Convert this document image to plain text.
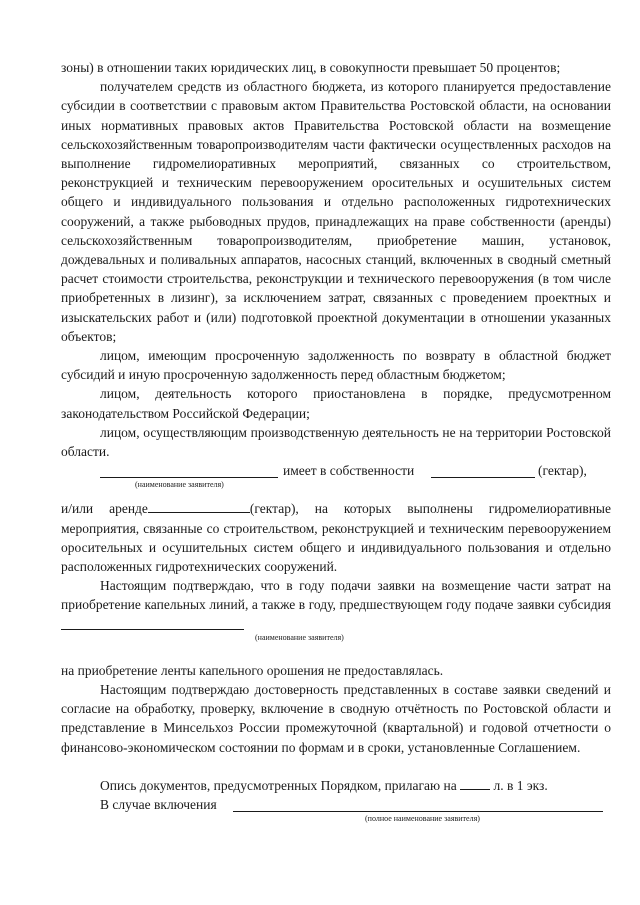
зоны) в отношении таких юридических лиц, в совокупности превышает 50 процентов;

получателем средств из областного бюджета, из которого планируется предоставление субсидии в соответствии с правовым актом Правительства Ростовской области, на основании иных нормативных правовых актов Правительства Ростовской области на возмещение сельскохозяйственным товаропроизводителям части фактически осуществленных расходов на выполнение гидромелиоративных мероприятий, связанных со строительством, реконструкцией и техническим перевооружением оросительных и осушительных систем общего и индивидуального пользования и отдельно расположенных гидротехнических сооружений, а также рыбоводных прудов, принадлежащих на праве собственности (аренды) сельскохозяйственным товаропроизводителям, приобретение машин, установок, дождевальных и поливальных аппаратов, насосных станций, включенных в сводный сметный расчет стоимости строительства, реконструкции и технического перевооружения (в том числе приобретенных в лизинг), за исключением затрат, связанных с проведением проектных и изыскательских работ и (или) подготовкой проектной документации в отношении указанных объектов;

лицом, имеющим просроченную задолженность по возврату в областной бюджет субсидий и иную просроченную задолженность перед областным бюджетом;

лицом, деятельность которого приостановлена в порядке, предусмотренном законодательством Российской Федерации;

лицом, осуществляющим производственную деятельность не на территории Ростовской области.

имеет в собственности	(гектар),
(наименование заявителя)

и/или аренде	(гектар), на которых выполнены гидромелиоративные мероприятия, связанные со строительством, реконструкцией и техническим перевооружением оросительных и осушительных систем общего и индивидуального пользования и отдельно расположенных гидротехнических сооружений.

Настоящим подтверждаю, что в году подачи заявки на возмещение части затрат на приобретение капельных линий, а также в году, предшествующем году подаче заявки субсидия

(наименование заявителя)

на приобретение ленты капельного орошения не предоставлялась.

Настоящим подтверждаю достоверность представленных в составе заявки сведений и согласие на обработку, проверку, включение в сводную отчётность по Ростовской области и представление в Минсельхоз России промежуточной (квартальной) и годовой отчетности о финансово-экономическом состоянии по формам и в сроки, установленные Соглашением.

Опись документов, предусмотренных Порядком, прилагаю на	л. в 1 экз.

В случае включения
(полное наименование заявителя)
